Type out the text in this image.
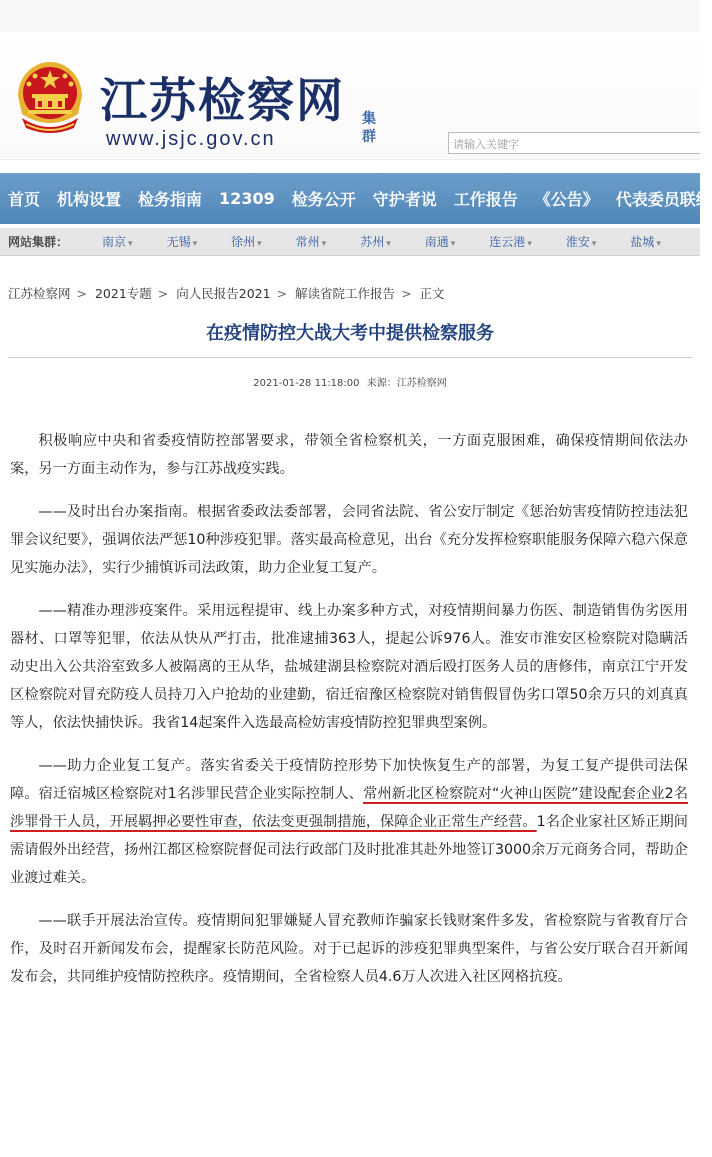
江苏检察网
www.jsjc.gov.cn
集群	请输入关键字
首页 机构设置 检务指南 12309 检务公开 守护者说 工作报告 《公告》 代表委员联络
网站集群：	南京 ▾	无锡 ▾	徐州 ▾	常州 ▾	苏州 ▾	南通 ▾	连云港 ▾	淮安 ▾	盐城 ▾
江苏检察网 > 2021专题 > 向人民报告2021 > 解读省院工作报告 > 正文
在疫情防控大战大考中提供检察服务
2021-01-28 11:18:00 来源：江苏检察网

积极响应中央和省委疫情防控部署要求，带领全省检察机关，一方面克服困难，确保疫情期间依法办案，另一方面主动作为，参与江苏战疫实践。

——及时出台办案指南。根据省委政法委部署，会同省法院、省公安厅制定《惩治妨害疫情防控违法犯罪会议纪要》，强调依法严惩10种涉疫犯罪。落实最高检意见，出台《充分发挥检察职能服务保障六稳六保意见实施办法》，实行少捕慎诉司法政策，助力企业复工复产。

——精准办理涉疫案件。采用远程提审、线上办案多种方式，对疫情期间暴力伤医、制造销售伪劣医用器材、口罩等犯罪，依法从快从严打击，批准逮捕363人，提起公诉976人。淮安市淮安区检察院对隐瞒活动史出入公共浴室致多人被隔离的王从华，盐城建湖县检察院对酒后殴打医务人员的唐修伟，南京江宁开发区检察院对冒充防疫人员持刀入户抢劫的业建勤，宿迁宿豫区检察院对销售假冒伪劣口罩50余万只的刘真真等人，依法快捕快诉。我省14起案件入选最高检妨害疫情防控犯罪典型案例。

——助力企业复工复产。落实省委关于疫情防控形势下加快恢复生产的部署，为复工复产提供司法保障。宿迁宿城区检察院对1名涉罪民营企业实际控制人、常州新北区检察院对“火神山医院”建设配套企业2名涉罪骨干人员，开展羁押必要性审查，依法变更强制措施，保障企业正常生产经营。1名企业家社区矫正期间需请假外出经营，扬州江都区检察院督促司法行政部门及时批准其赴外地签订3000余万元商务合同，帮助企业渡过难关。

——联手开展法治宣传。疫情期间犯罪嫌疑人冒充教师诈骗家长钱财案件多发，省检察院与省教育厅合作，及时召开新闻发布会，提醒家长防范风险。对于已起诉的涉疫犯罪典型案件，与省公安厅联合召开新闻发布会，共同维护疫情防控秩序。疫情期间，全省检察人员4.6万人次进入社区网格抗疫。
